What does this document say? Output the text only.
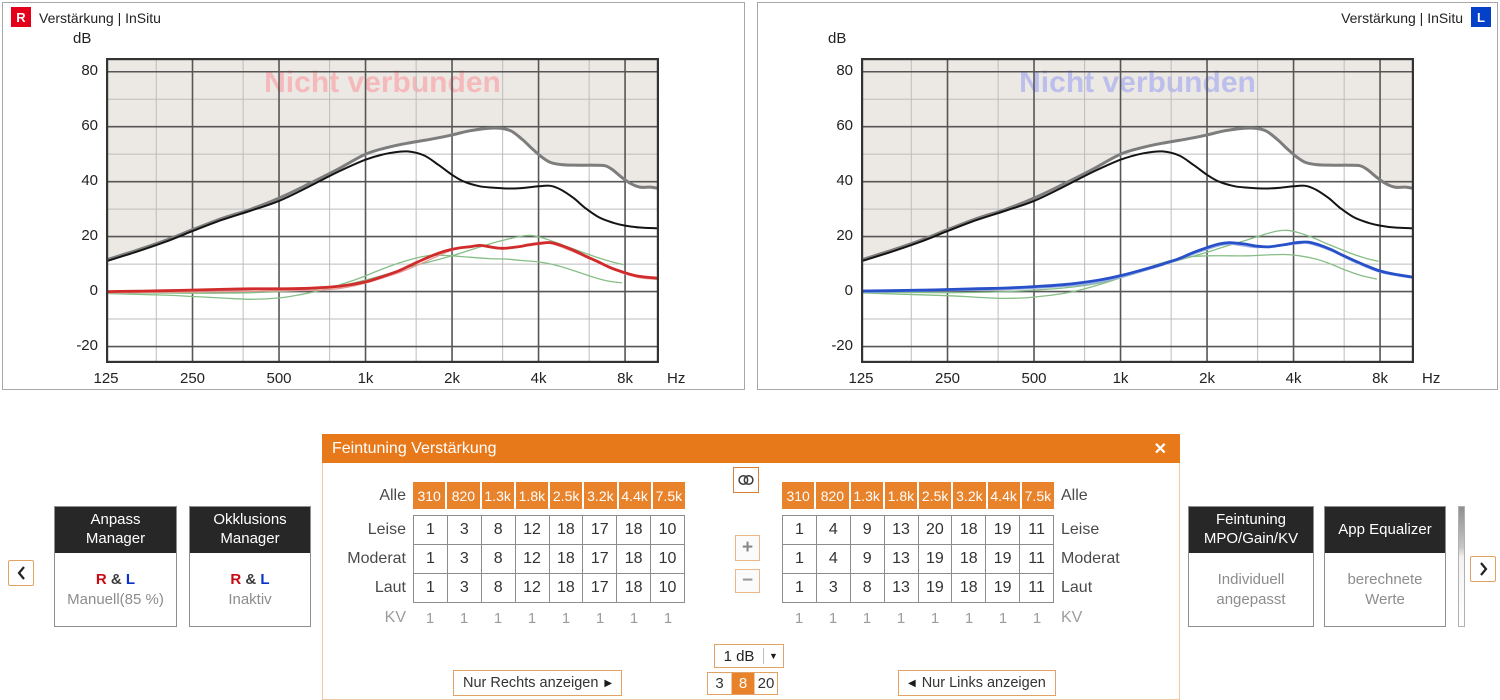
R Verstärkung | InSitu
dB
Hz
80
60
40
20
0
-20
125	250	500	1k	2k	4k	8k
Nicht verbunden
L
Verstärkung | InSitu
dB
Hz
80
60
40
20
0
-20
125	250	500	1k	2k	4k	8k
Nicht verbunden
Anpass
Manager
R & L
Manuell(85 %)
Okklusions
Manager
R & L
Inaktiv
Feintuning Verstärkung	✕
Alle 310 820 1.3k 1.8k 2.5k 3.2k 4.4k 7.5k
Leise	1	3	8	12	18	17	18	10
Moderat	1	3	8	12	18	17	18	10
Laut	1	3	8	12	18	17	18	10
KV	1	1	1	1	1	1	1	1
310 820 1.3k 1.8k 2.5k 3.2k 4.4k 7.5k Alle
1	4	9	13	20	18	19	11	Leise
1	4	9	13	19	18	19	11	Moderat
1	3	8	13	19	18	19	11	Laut
1	1	1	1	1	1	1	1	KV
+
−
1 dB	▼
3	8 20
Nur Rechts anzeigen ▶	◀ Nur Links anzeigen
Feintuning
MPO/Gain/KV
Individuell angepasst
App Equalizer
berechnete Werte
